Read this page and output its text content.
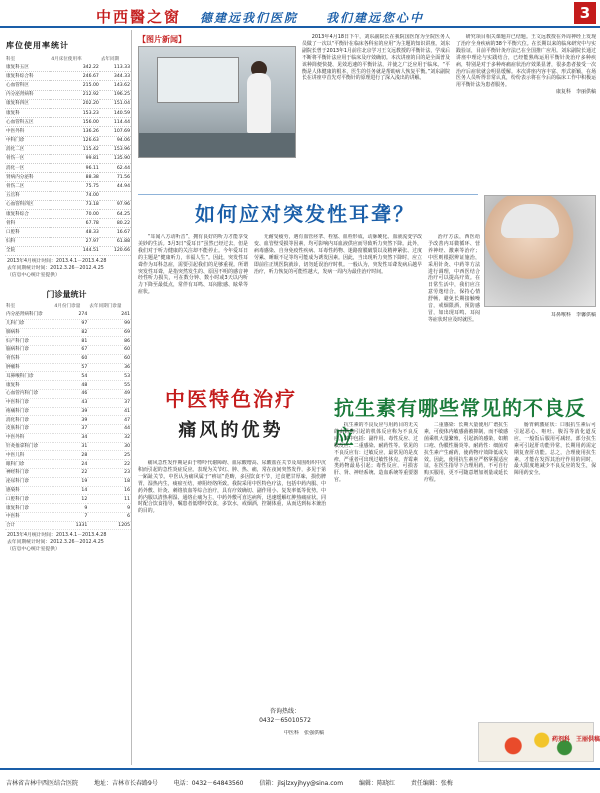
中西醫之窗 德建远我们医院　　我们建远您心中	3
库位使用率统计
科室	4月床位使用率	去年同期
康复科五区	342.22	113.33
康复科综合科	246.67	344.33
心血管科区	215.00	143.62
内分泌肾病科	212.92	196.25
康复科四区	202.20	151.04
康复科	153.23	140.59
心血管科五区	156.00	114.44
中医外科	136.26	107.69
中科门诊	126.63	94.06
消化二区	115.42	153.96
骨伤一区	99.81	135.90
消化一区	96.11	62.44
肾病内分泌科	88.38	71.56
骨伤二区	75.75	44.94
五官科	74.00	
心血管科四区	73.18	97.96
康复科综合	70.00	64.25
骨科	67.78	80.22
口腔科	48.33	16.67
妇科	27.97	61.88
全院	144.51	120.66
2013年4月统计时间：2013.4.1－2013.4.28
去年同期统计时间：2012.3.26－2012.4.25
（信息中心统计室提供）
门诊量统计
科室	4月份门诊量	去年同期门诊量
内分泌肾病科门诊	274	241
儿科门诊	97	99
肺病科	82	69
妇产科门诊	81	86
脑病科门诊	67	60
骨伤科	60	60
肿瘤科	57	36
耳鼻喉科门诊	54	53
康复科	48	55
心血管内科门诊	46	49
中医科门诊	43	37
疼痛科门诊	39	41
消化科门诊	39	47
皮肤科门诊	37	44
中医外科	34	32
针灸推拿科门诊	31	30
中医儿科	28	25
眼科门诊	24	22
神经科门诊	22	23
泌尿科门诊	19	18
感染科	14	16
口腔科门诊	12	11
康复科门诊	9	9
中医科	7	6
合计	1331	1205
2013年4月统计时间：2013.4.1－2013.4.28
去年同期统计时间：2012.3.26－2012.4.25
（信息中心统计室提供）
【图片新闻】	2013年4月18日下午，刘东副院长在我院国医馆为全院医务人员做了一次以“平衡针在临床各科室的应用”为主题的知识讲座。刘东副院长曾于2013年1月前往北京学习王文远教授的平衡针法，学成后不断将平衡针法应用于临床及疗效确切。本次讲座的目的是全面普及该种简便快捷、见效迅速的平衡针法，并使之广泛应用于临床。“平衡是人体健康的根本，医生的任务就是帮助病人恢复平衡。”刘东副院长在讲座中首先对平衡针的原理进行了深入浅出的讲解。

研究项目相关课题并已结题。王文远教授在外周神经上发现了治疗全身疾病的38个平衡穴位。在长期以来的临床研究中与实践验证，目前平衡针灸疗法已在全国推广应用。刘东副院长通过讲座中理论与实践结合，已经能熟练运用平衡针灸治疗多种疾病，特别是对于多种疼痛症状治疗效果显著，很多患者接受一次治疗后症状就会明显缓解。本次讲座内容丰富、形式新颖，在场医务人员听得非常认真，纷纷表示将在今后的临床工作中积极运用平衡针法为患者服务。

康复科　李丽供稿
如何应对突发性耳聋？

“耳闻八方动听音”，拥有良好的听力才能享受美妙的生活。3月3日“爱耳日”虽然已经过去，但是我们对于听力健康的关注却不能停止。今年爱耳日的主题是“健康听力，幸福人生”。因此，突发性耳聋作为耳科急症，需要引起我们的足够重视。所谓突发性耳聋，是指突然发生的、原因不明的感音神经性听力损失，可在数分钟、数小时或3天以内听力下降至最低点，常伴有耳鸣、耳闷胀感、眩晕等症状。

无耐受疲劳，遇有血管痉挛、栓塞、血栓形成，动脉硬化、血液流变学改变、血管壁受损等因素，均可影响内耳血液供应而导致听力突然下降。此外，病毒感染、自身免疫性疾病、耳毒性药物、迷路窗膜破裂以及精神紧张、过度劳累、睡眠不足等均可能成为诱发因素。因此，当出现听力突然下降时，应立即前往正规医院就诊，切勿延误治疗时机。一般认为，突发性耳聋发病后越早治疗，听力恢复的可能性越大，发病一周内为最佳治疗时间。

治疗方法，西医给予改善内耳微循环、营养神经、激素等治疗；中医则根据辨证施治，采用针灸、中药等方法进行调理，中西医结合治疗可以提高疗效。在日常生活中，我们应注意劳逸结合，保持心情舒畅，避免长期接触噪音，戒烟限酒，预防感冒，如出现耳鸣、耳闷等症状时应及时就医。

耳鼻喉科　李馨供稿
中医特色治疗
痛风的优势

痛风急性发作期是由于嘌呤代谢障碍、血尿酸增高、尿酸盐在关节及周围组织中沉积而引起的急性炎症反应。表现为关节红、肿、热、痛，常在夜间突然发作，多见于第一跖趾关节。中医认为痛风属于“痹证”范畴，多因饮食不节，过食肥甘厚味，损伤脾胃，湿热内生，痰瘀互结，痹阻经络所致。我院采用中医特色疗法，包括中药内服、中药外敷、针灸、刺络放血等综合治疗，具有疗效确切、副作用小、复发率低等优势。中药内服以清热利湿、通络止痛为主，中药外敷可直达病所，迅速缓解红肿热痛症状。同时配合饮食指导，嘱患者低嘌呤饮食，多饮水，戒烟酒，控制体重，从而达到标本兼治的目的。

咨询热线：
0432－65010572
中医科　张强供稿
抗生素有哪些常见的不良反应

抗生素的不良反应与用药目的无关的由药物引起的机体反应称为不良反应。其中包括：副作用、毒性反应、过敏反应、二重感染、耐药性等。常见的不良反应有：过敏反应，最常见的是皮疹，严重者可出现过敏性休克，青霉素类药物最易引起；毒性反应，可损害肝、肾、神经系统、造血系统等重要器官。

二重感染：长期大量使用广谱抗生素，可使体内敏感菌被抑制，而不敏感菌乘机大量繁殖，引起新的感染，如鹅口疮、伪膜性肠炎等。耐药性：细菌对抗生素产生耐药，使药物疗效降低或失效。因此，使用抗生素应严格掌握适应证，在医生指导下合理用药，不可自行购买服用，更不可随意增加剂量或延长疗程。

肠胃刺激症状：口服抗生素后可引起恶心、呕吐、腹泻等消化道反应，一般饭后服用可减轻。部分抗生素可引起肝功能异常，长期用药需定期复查肝功能。总之，合理使用抗生素，才能在发挥其治疗作用的同时，最大限度地减少不良反应的发生，保障用药安全。

药剂科　王丽供稿
吉林省吉林中西医结合医院	地址：吉林市长春路9号	电话：0432－64843560	信箱：jlsjlzxyjhyy@sina.com	编辑：陈晓红	责任编辑：张梅
